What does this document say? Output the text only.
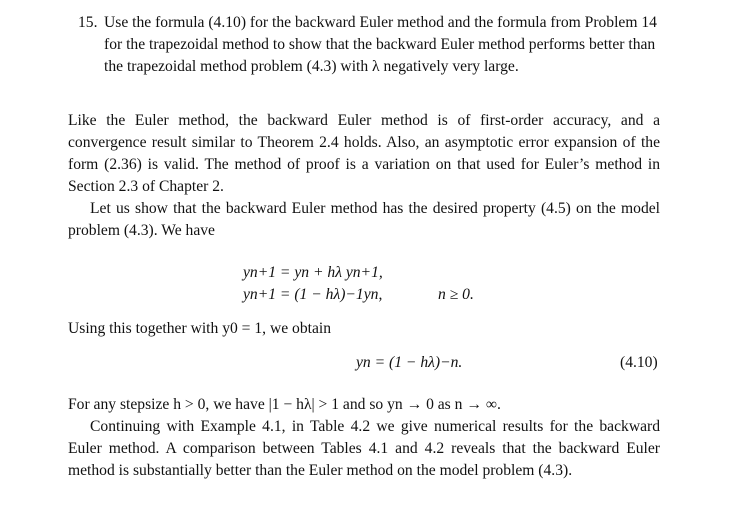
15. Use the formula (4.10) for the backward Euler method and the formula from Problem 14 for the trapezoidal method to show that the backward Euler method performs better than the trapezoidal method problem (4.3) with λ negatively very large.

Like the Euler method, the backward Euler method is of first-order accuracy, and a convergence result similar to Theorem 2.4 holds. Also, an asymptotic error expansion of the form (2.36) is valid. The method of proof is a variation on that used for Euler’s method in Section 2.3 of Chapter 2.

Let us show that the backward Euler method has the desired property (4.5) on the model problem (4.3). We have

yn+1 = yn + hλ yn+1,
yn+1 = (1 − hλ)−1yn,	n ≥ 0.

Using this together with y0 = 1, we obtain

yn = (1 − hλ)−n.	(4.10)

For any stepsize h > 0, we have |1 − hλ| > 1 and so yn → 0 as n → ∞.

Continuing with Example 4.1, in Table 4.2 we give numerical results for the backward Euler method. A comparison between Tables 4.1 and 4.2 reveals that the backward Euler method is substantially better than the Euler method on the model problem (4.3).
